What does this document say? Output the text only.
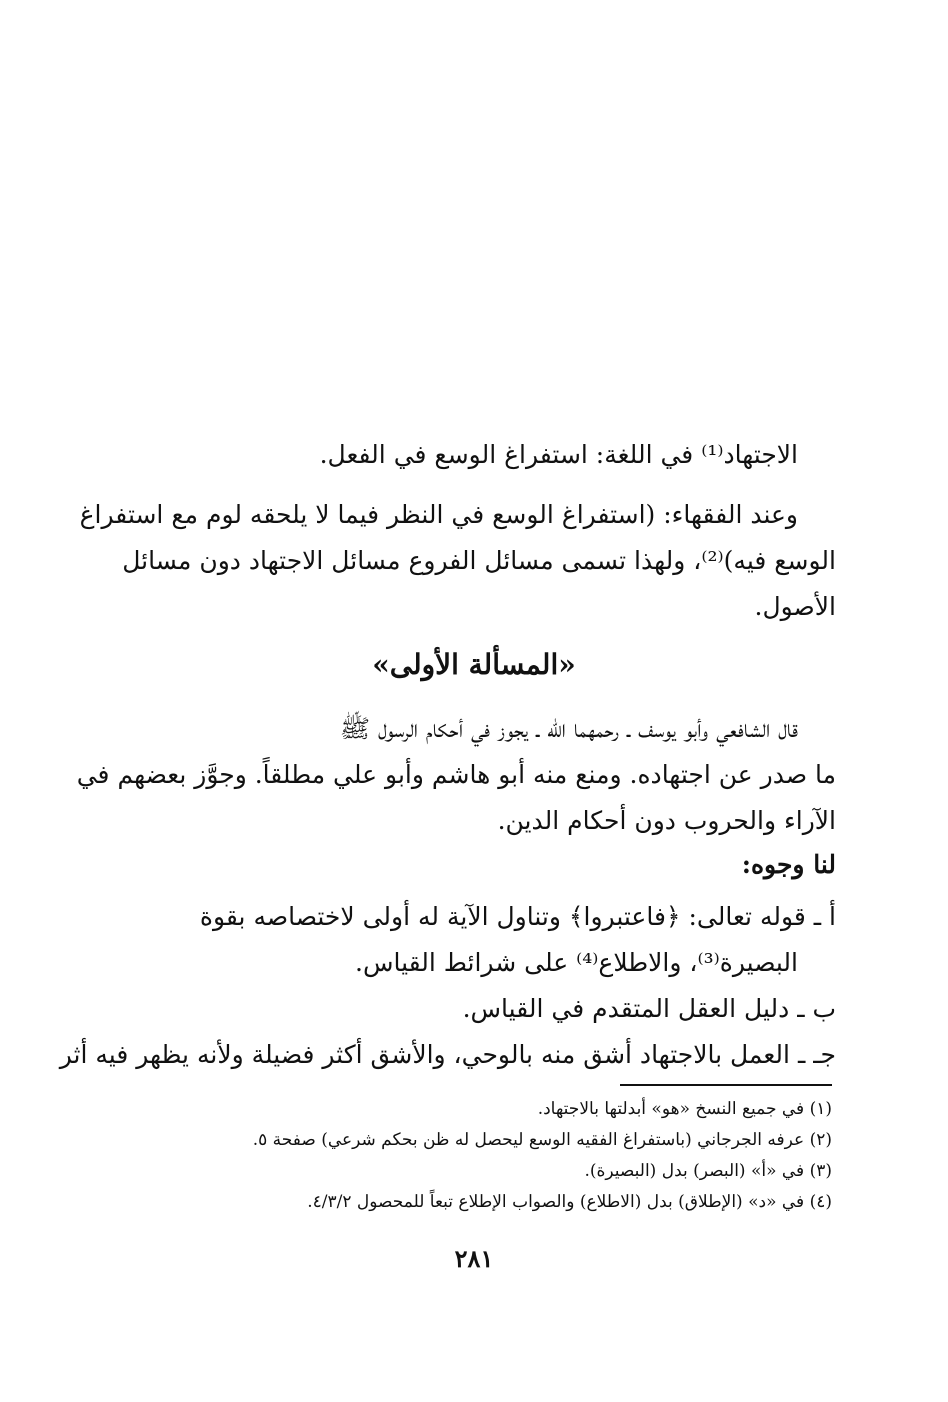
الاجتهاد⁽¹⁾ في اللغة: استفراغ الوسع في الفعل.
وعند الفقهاء: (استفراغ الوسع في النظر فيما لا يلحقه لوم مع استفراغ
الوسع فيه)⁽²⁾، ولهذا تسمى مسائل الفروع مسائل الاجتهاد دون مسائل
الأصول.
«المسألة الأولى»
قال الشافعي وأبو يوسف ـ رحمهما الله ـ يجوز في أحكام الرسول ﷺ
ما صدر عن اجتهاده. ومنع منه أبو هاشم وأبو علي مطلقاً. وجوَّز بعضهم في
الآراء والحروب دون أحكام الدين.
لنا وجوه:
أ ـ قوله تعالى: ﴿فاعتبروا﴾ وتناول الآية له أولى لاختصاصه بقوة
البصيرة⁽³⁾، والاطلاع⁽⁴⁾ على شرائط القياس.
ب ـ دليل العقل المتقدم في القياس.
جـ ـ العمل بالاجتهاد أشق منه بالوحي، والأشق أكثر فضيلة ولأنه يظهر فيه أثر
(١) في جميع النسخ «هو» أبدلتها بالاجتهاد.
(٢) عرفه الجرجاني (باستفراغ الفقيه الوسع ليحصل له ظن بحكم شرعي) صفحة ٥.
(٣) في «أ» (البصر) بدل (البصيرة).
(٤) في «د» (الإطلاق) بدل (الاطلاع) والصواب الإطلاع تبعاً للمحصول ٤/٣/٢.
٢٨١
